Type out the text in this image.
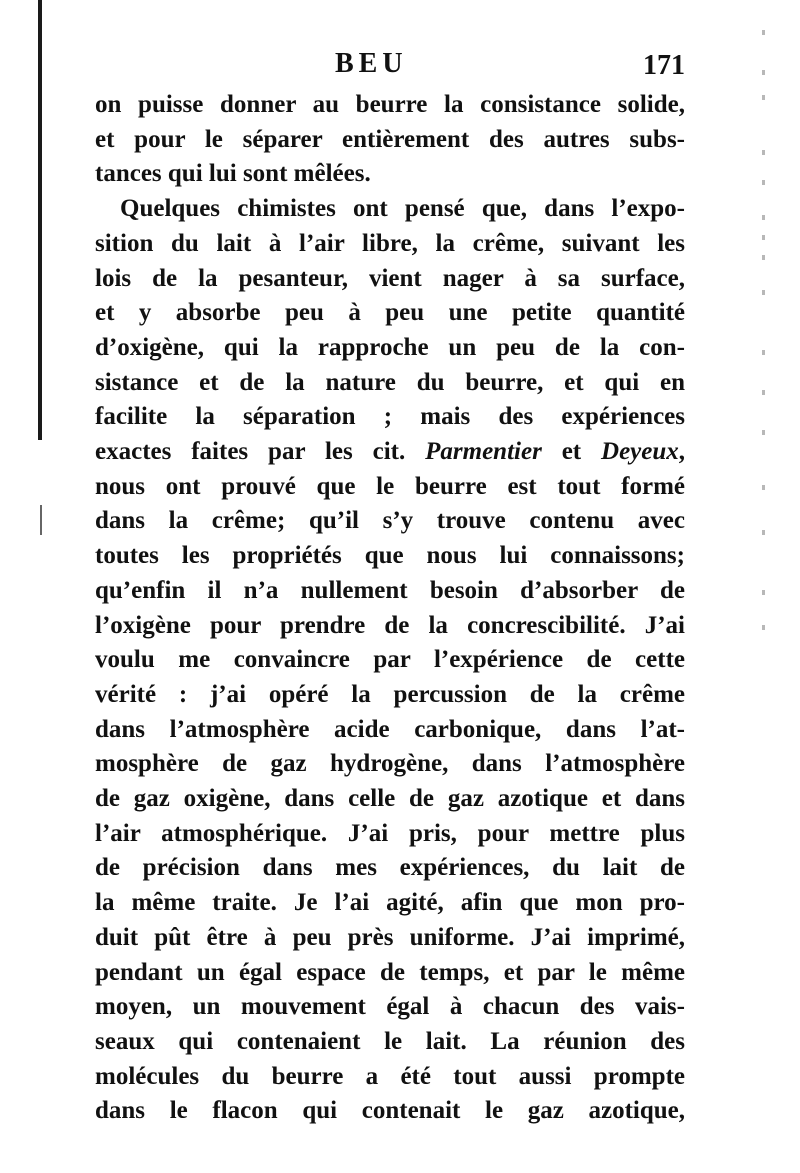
BEU	171
on puisse donner au beurre la consistance solide,
et pour le séparer entièrement des autres subs-
tances qui lui sont mêlées.
Quelques chimistes ont pensé que, dans l’expo-
sition du lait à l’air libre, la crême, suivant les
lois de la pesanteur, vient nager à sa surface,
et y absorbe peu à peu une petite quantité
d’oxigène, qui la rapproche un peu de la con-
sistance et de la nature du beurre, et qui en
facilite la séparation ; mais des expériences
exactes faites par les cit. Parmentier et Deyeux,
nous ont prouvé que le beurre est tout formé
dans la crême; qu’il s’y trouve contenu avec
toutes les propriétés que nous lui connaissons;
qu’enfin il n’a nullement besoin d’absorber de
l’oxigène pour prendre de la concrescibilité. J’ai
voulu me convaincre par l’expérience de cette
vérité : j’ai opéré la percussion de la crême
dans l’atmosphère acide carbonique, dans l’at-
mosphère de gaz hydrogène, dans l’atmosphère
de gaz oxigène, dans celle de gaz azotique et dans
l’air atmosphérique. J’ai pris, pour mettre plus
de précision dans mes expériences, du lait de
la même traite. Je l’ai agité, afin que mon pro-
duit pût être à peu près uniforme. J’ai imprimé,
pendant un égal espace de temps, et par le même
moyen, un mouvement égal à chacun des vais-
seaux qui contenaient le lait. La réunion des
molécules du beurre a été tout aussi prompte
dans le flacon qui contenait le gaz azotique,
